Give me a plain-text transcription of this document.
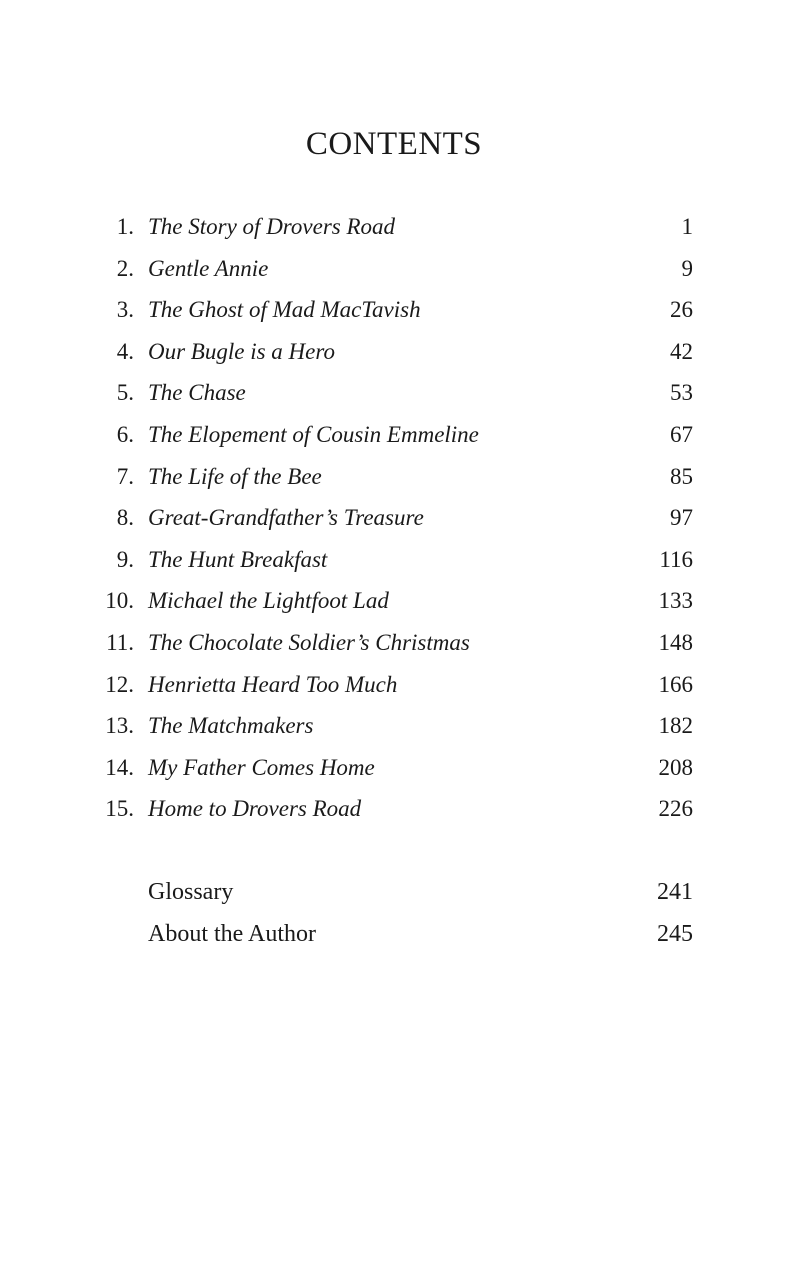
CONTENTS
1. The Story of Drovers Road	1
2. Gentle Annie	9
3. The Ghost of Mad MacTavish	26
4. Our Bugle is a Hero	42
5. The Chase	53
6. The Elopement of Cousin Emmeline	67
7. The Life of the Bee	85
8. Great-Grandfather’s Treasure	97
9. The Hunt Breakfast	116
10. Michael the Lightfoot Lad	133
11. The Chocolate Soldier’s Christmas	148
12. Henrietta Heard Too Much	166
13. The Matchmakers	182
14. My Father Comes Home	208
15. Home to Drovers Road	226
Glossary	241
About the Author	245
